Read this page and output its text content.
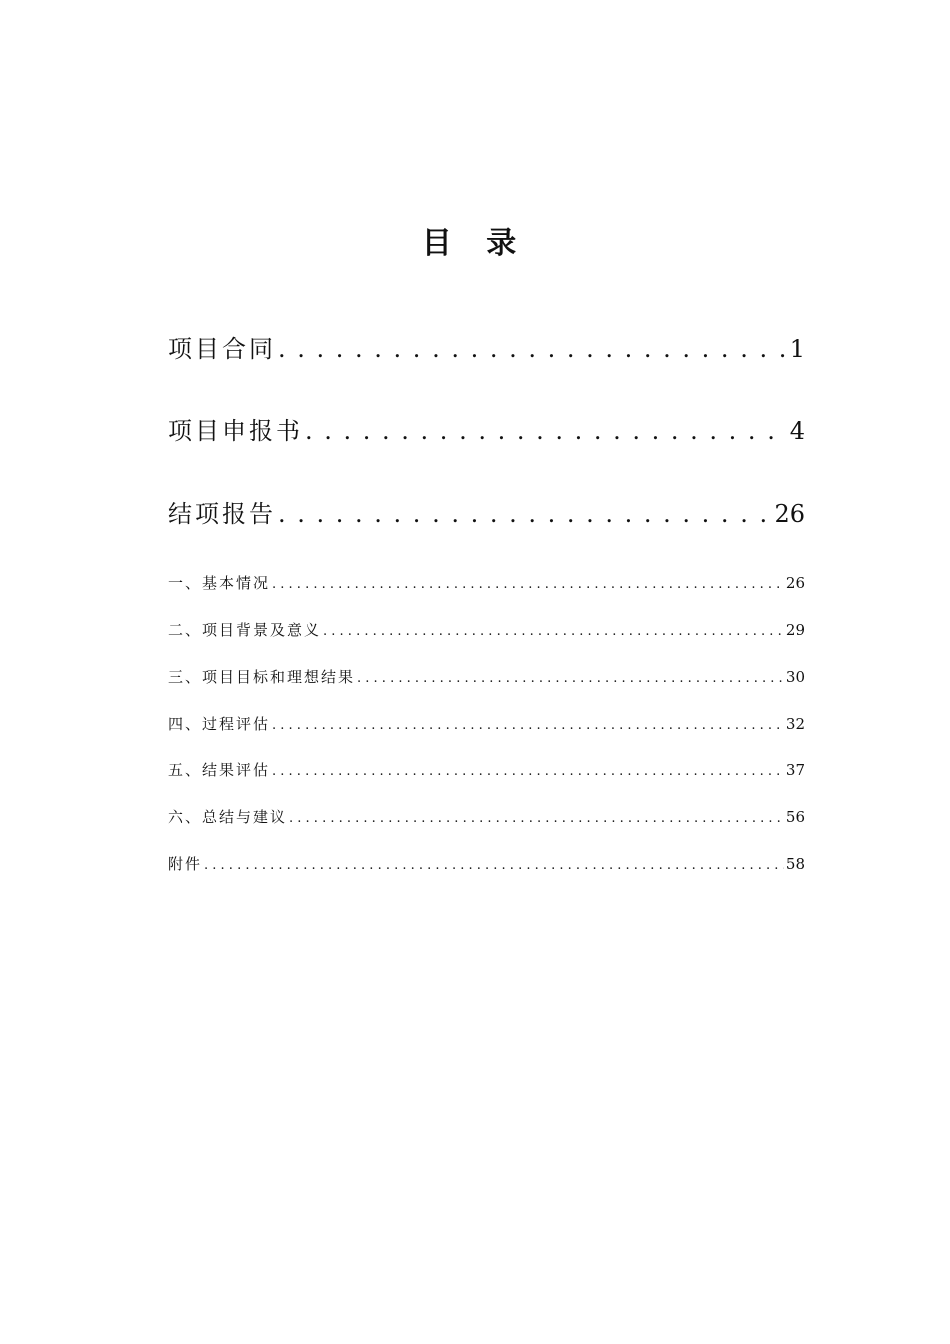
目 录
项目合同 . . .	1
项目申报书 . . .	4
结项报告 . . .	26
一、基本情况 . . .	26
二、项目背景及意义 . . .	29
三、项目目标和理想结果 . . .	30
四、过程评估 . . .	32
五、结果评估 . . .	37
六、总结与建议 . . .	56
附件 . . .	58
